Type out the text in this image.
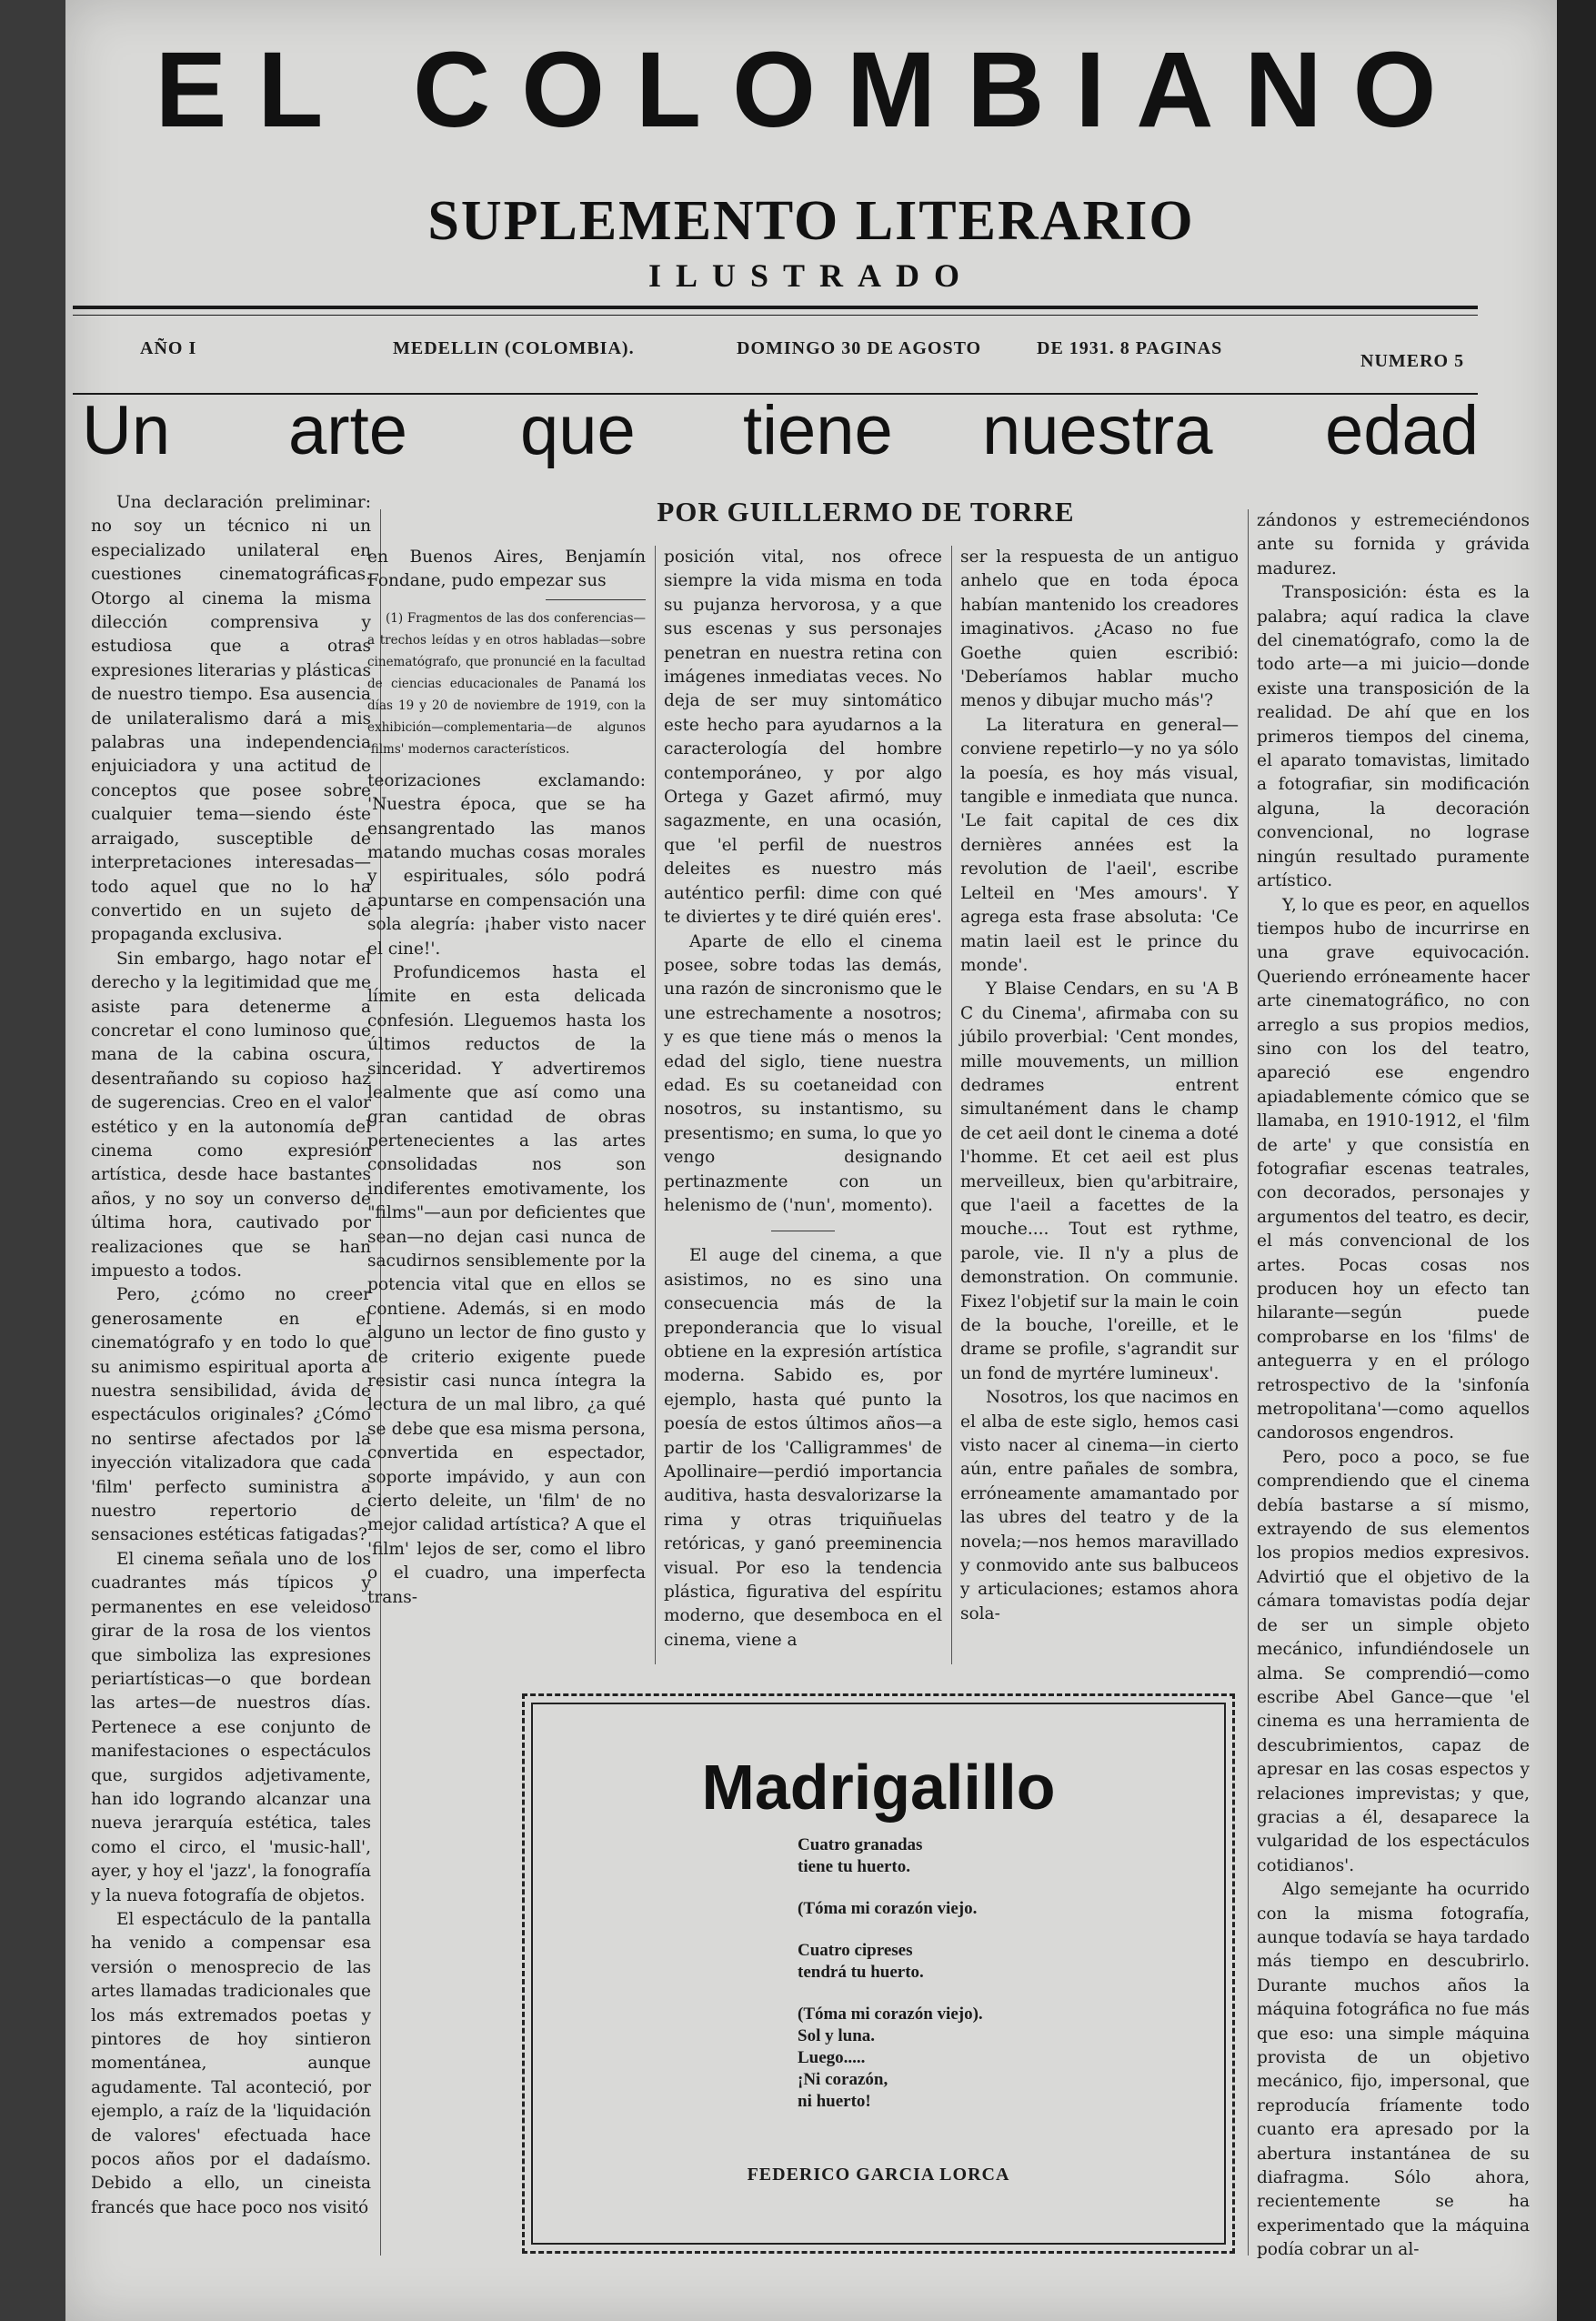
EL COLOMBIANO
SUPLEMENTO LITERARIO
ILUSTRADO
AÑO I	MEDELLIN (COLOMBIA).	DOMINGO 30 DE AGOSTO	DE 1931. 8 PAGINAS
NUMERO 5
Un arte que tiene nuestra edad
POR GUILLERMO DE TORRE

Una declaración preliminar: no soy un técnico ni un especializado unilateral en cuestiones cinematográficas. Otorgo al cinema la misma dilección comprensiva y estudiosa que a otras expresiones literarias y plásticas de nuestro tiempo. Esa ausencia de unilateralismo dará a mis palabras una independencia enjuiciadora y una actitud de conceptos que posee sobre cualquier tema—siendo éste arraigado, susceptible de interpretaciones interesadas—todo aquel que no lo ha convertido en un sujeto de propaganda exclusiva.

Sin embargo, hago notar el derecho y la legitimidad que me asiste para detenerme a concretar el cono luminoso que mana de la cabina oscura, desentrañando su copioso haz de sugerencias. Creo en el valor estético y en la autonomía del cinema como expresión artística, desde hace bastantes años, y no soy un converso de última hora, cautivado por realizaciones que se han impuesto a todos.

Pero, ¿cómo no creer generosamente en el cinematógrafo y en todo lo que su animismo espiritual aporta a nuestra sensibilidad, ávida de espectáculos originales? ¿Cómo no sentirse afectados por la inyección vitalizadora que cada 'film' perfecto suministra a nuestro repertorio de sensaciones estéticas fatigadas?

El cinema señala uno de los cuadrantes más típicos y permanentes en ese veleidoso girar de la rosa de los vientos que simboliza las expresiones periartísticas—o que bordean las artes—de nuestros días. Pertenece a ese conjunto de manifestaciones o espectáculos que, surgidos adjetivamente, han ido logrando alcanzar una nueva jerarquía estética, tales como el circo, el 'music-hall', ayer, y hoy el 'jazz', la fonografía y la nueva fotografía de objetos.

El espectáculo de la pantalla ha venido a compensar esa versión o menosprecio de las artes llamadas tradicionales que los más extremados poetas y pintores de hoy sintieron momentánea, aunque agudamente. Tal aconteció, por ejemplo, a raíz de la 'liquidación de valores' efectuada hace pocos años por el dadaísmo. Debido a ello, un cineista francés que hace poco nos visitó

en Buenos Aires, Benjamín Fondane, pudo empezar sus

(1) Fragmentos de las dos conferencias—a trechos leídas y en otros habladas—sobre cinematógrafo, que pronuncié en la facultad de ciencias educacionales de Panamá los días 19 y 20 de noviembre de 1919, con la exhibición—complementaria—de algunos 'films' modernos característicos.

teorizaciones exclamando: 'Nuestra época, que se ha ensangrentado las manos matando muchas cosas morales y espirituales, sólo podrá apuntarse en compensación una sola alegría: ¡haber visto nacer el cine!'.

Profundicemos hasta el límite en esta delicada confesión. Lleguemos hasta los últimos reductos de la sinceridad. Y advertiremos lealmente que así como una gran cantidad de obras pertenecientes a las artes consolidadas nos son indiferentes emotivamente, los "films"—aun por deficientes que sean—no dejan casi nunca de sacudirnos sensiblemente por la potencia vital que en ellos se contiene. Además, si en modo alguno un lector de fino gusto y de criterio exigente puede resistir casi nunca íntegra la lectura de un mal libro, ¿a qué se debe que esa misma persona, convertida en espectador, soporte impávido, y aun con cierto deleite, un 'film' de no mejor calidad artística? A que el 'film' lejos de ser, como el libro o el cuadro, una imperfecta trans-

posición vital, nos ofrece siempre la vida misma en toda su pujanza hervorosa, y a que sus escenas y sus personajes penetran en nuestra retina con imágenes inmediatas veces. No deja de ser muy sintomático este hecho para ayudarnos a la caracterología del hombre contemporáneo, y por algo Ortega y Gazet afirmó, muy sagazmente, en una ocasión, que 'el perfil de nuestros deleites es nuestro más auténtico perfil: dime con qué te diviertes y te diré quién eres'.

Aparte de ello el cinema posee, sobre todas las demás, una razón de sincronismo que le une estrechamente a nosotros; y es que tiene más o menos la edad del siglo, tiene nuestra edad. Es su coetaneidad con nosotros, su instantismo, su presentismo; en suma, lo que yo vengo designando pertinazmente con un helenismo de ('nun', momento).

El auge del cinema, a que asistimos, no es sino una consecuencia más de la preponderancia que lo visual obtiene en la expresión artística moderna. Sabido es, por ejemplo, hasta qué punto la poesía de estos últimos años—a partir de los 'Calligrammes' de Apollinaire—perdió importancia auditiva, hasta desvalorizarse la rima y otras triquiñuelas retóricas, y ganó preeminencia visual. Por eso la tendencia plástica, figurativa del espíritu moderno, que desemboca en el cinema, viene a

ser la respuesta de un antiguo anhelo que en toda época habían mantenido los creadores imaginativos. ¿Acaso no fue Goethe quien escribió: 'Deberíamos hablar mucho menos y dibujar mucho más'?

La literatura en general—conviene repetirlo—y no ya sólo la poesía, es hoy más visual, tangible e inmediata que nunca. 'Le fait capital de ces dix dernières années est la revolution de l'aeil', escribe Lelteil en 'Mes amours'. Y agrega esta frase absoluta: 'Ce matin laeil est le prince du monde'.

Y Blaise Cendars, en su 'A B C du Cinema', afirmaba con su júbilo proverbial: 'Cent mondes, mille mouvements, un million dedrames entrent simultanément dans le champ de cet aeil dont le cinema a doté l'homme. Et cet aeil est plus merveilleux, bien qu'arbitraire, que l'aeil a facettes de la mouche.... Tout est rythme, parole, vie. Il n'y a plus de demonstration. On communie. Fixez l'objetif sur la main le coin de la bouche, l'oreille, et le drame se profile, s'agrandit sur un fond de myrtére lumineux'.

Nosotros, los que nacimos en el alba de este siglo, hemos casi visto nacer al cinema—in cierto aún, entre pañales de sombra, erróneamente amamantado por las ubres del teatro y de la novela;—nos hemos maravillado y conmovido ante sus balbuceos y articulaciones; estamos ahora sola-

zándonos y estremeciéndonos ante su fornida y grávida madurez.

Transposición: ésta es la palabra; aquí radica la clave del cinematógrafo, como la de todo arte—a mi juicio—donde existe una transposición de la realidad. De ahí que en los primeros tiempos del cinema, el aparato tomavistas, limitado a fotografiar, sin modificación alguna, la decoración convencional, no lograse ningún resultado puramente artístico.

Y, lo que es peor, en aquellos tiempos hubo de incurrirse en una grave equivocación. Queriendo erróneamente hacer arte cinematográfico, no con arreglo a sus propios medios, sino con los del teatro, apareció ese engendro apiadablemente cómico que se llamaba, en 1910-1912, el 'film de arte' y que consistía en fotografiar escenas teatrales, con decorados, personajes y argumentos del teatro, es decir, el más convencional de los artes. Pocas cosas nos producen hoy un efecto tan hilarante—según puede comprobarse en los 'films' de anteguerra y en el prólogo retrospectivo de la 'sinfonía metropolitana'—como aquellos candorosos engendros.

Pero, poco a poco, se fue comprendiendo que el cinema debía bastarse a sí mismo, extrayendo de sus elementos los propios medios expresivos. Advirtió que el objetivo de la cámara tomavistas podía dejar de ser un simple objeto mecánico, infundiéndosele un alma. Se comprendió—como escribe Abel Gance—que 'el cinema es una herramienta de descubrimientos, capaz de apresar en las cosas espectos y relaciones imprevistas; y que, gracias a él, desaparece la vulgaridad de los espectáculos cotidianos'.

Algo semejante ha ocurrido con la misma fotografía, aunque todavía se haya tardado más tiempo en descubrirlo. Durante muchos años la máquina fotográfica no fue más que eso: una simple máquina provista de un objetivo mecánico, fijo, impersonal, que reproducía fríamente todo cuanto era apresado por la abertura instantánea de su diafragma. Sólo ahora, recientemente se ha experimentado que la máquina podía cobrar un al-

Madrigalillo
Cuatro granadas
tiene tu huerto.
(Tóma mi corazón viejo.
Cuatro cipreses
tendrá tu huerto.
(Tóma mi corazón viejo).
Sol y luna.
Luego.....
¡Ni corazón,
ni huerto!
FEDERICO GARCIA LORCA
